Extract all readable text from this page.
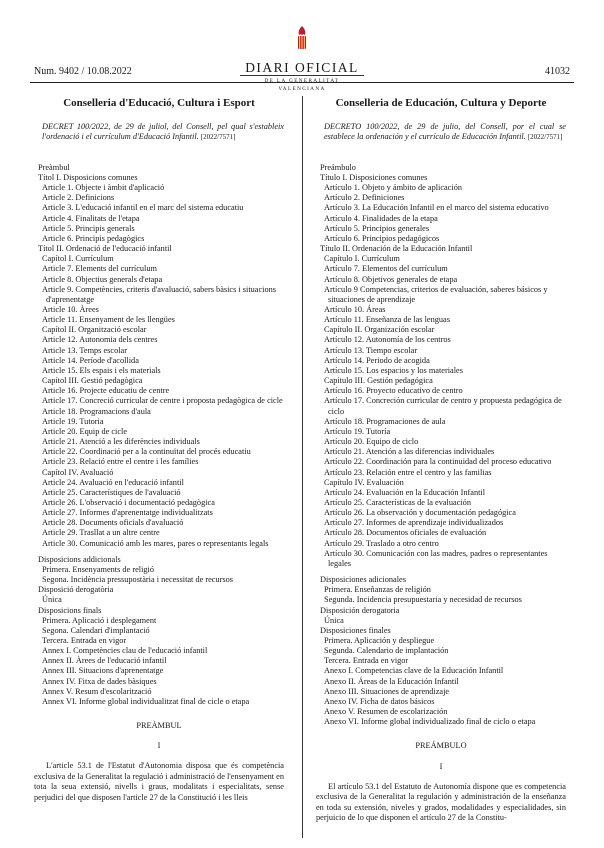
Num. 9402 / 10.08.2022	DIARI OFICIAL
DE LA GENERALITAT VALENCIANA
41032
Conselleria d'Educació, Cultura i Esport
DECRET 100/2022, de 29 de juliol, del Consell, pel qual s'estableix l'ordenació i el currículum d'Educació Infantil. [2022/7571]
Preàmbul
Títol I. Disposicions comunes
Article 1. Objecte i àmbit d'aplicació
Article 2. Definicions
Article 3. L'educació infantil en el marc del sistema educatiu
Article 4. Finalitats de l'etapa
Article 5. Principis generals
Article 6. Principis pedagògics
Títol II. Ordenació de l'educació infantil
Capítol I. Currículum
Article 7. Elements del currículum
Article 8. Objectius generals d'etapa
Article 9. Competències, criteris d'avaluació, sabers bàsics i situacions d'aprenentatge
Article 10. Àrees
Article 11. Ensenyament de les llengües
Capítol II. Organització escolar
Article 12. Autonomia dels centres
Article 13. Temps escolar
Article 14. Període d'acollida
Article 15. Els espais i els materials
Capítol III. Gestió pedagògica
Article 16. Projecte educatiu de centre
Article 17. Concreció curricular de centre i proposta pedagògica de cicle
Article 18. Programacions d'aula
Article 19. Tutoria
Article 20. Equip de cicle
Article 21. Atenció a les diferències individuals
Article 22. Coordinació per a la continuïtat del procés educatiu
Article 23. Relació entre el centre i les famílies
Capítol IV. Avaluació
Article 24. Avaluació en l'educació infantil
Article 25. Característiques de l'avaluació
Article 26. L'observació i documentació pedagògica
Article 27. Informes d'aprenentatge individualitzats
Article 28. Documents oficials d'avaluació
Article 29. Trasllat a un altre centre
Article 30. Comunicació amb les mares, pares o representants legals
Disposicions addicionals
Primera. Ensenyaments de religió
Segona. Incidència pressupostària i necessitat de recursos
Disposició derogatòria
Única
Disposicions finals
Primera. Aplicació i desplegament
Segona. Calendari d'implantació
Tercera. Entrada en vigor
Annex I. Competències clau de l'educació infantil
Annex II. Àrees de l'educació infantil
Annex III. Situacions d'aprenentatge
Annex IV. Fitxa de dades bàsiques
Annex V. Resum d'escolarització
Annex VI. Informe global individualitzat final de cicle o etapa
PREÀMBUL
I
L'article 53.1 de l'Estatut d'Autonomia disposa que és competència exclusiva de la Generalitat la regulació i administració de l'ensenyament en tota la seua extensió, nivells i graus, modalitats i especialitats, sense perjudici del que disposen l'article 27 de la Constitució i les lleis
Conselleria de Educación, Cultura y Deporte
DECRETO 100/2022, de 29 de julio, del Consell, por el cual se establece la ordenación y el currículo de Educación Infantil. [2022/7571]
Preámbulo
Título I. Disposiciones comunes
Artículo 1. Objeto y ámbito de aplicación
Artículo 2. Definiciones
Artículo 3. La Educación Infantil en el marco del sistema educativo
Artículo 4. Finalidades de la etapa
Artículo 5. Principios generales
Artículo 6. Principios pedagógicos
Título II. Ordenación de la Educación Infantil
Capítulo I. Currículum
Artículo 7. Elementos del currículum
Artículo 8. Objetivos generales de etapa
Artículo 9 Competencias, criterios de evaluación, saberes básicos y situaciones de aprendizaje
Artículo 10. Áreas
Artículo 11. Enseñanza de las lenguas
Capítulo II. Organización escolar
Artículo 12. Autonomía de los centros
Artículo 13. Tiempo escolar
Artículo 14. Periodo de acogida
Artículo 15. Los espacios y los materiales
Capítulo III. Gestión pedagógica
Artículo 16. Proyecto educativo de centro
Artículo 17. Concreción curricular de centro y propuesta pedagógica de ciclo
Artículo 18. Programaciones de aula
Artículo 19. Tutoría
Artículo 20. Equipo de ciclo
Artículo 21. Atención a las diferencias individuales
Artículo 22. Coordinación para la continuidad del proceso educativo
Artículo 23. Relación entre el centro y las familias
Capítulo IV. Evaluación
Artículo 24. Evaluación en la Educación Infantil
Artículo 25. Características de la evaluación
Artículo 26. La observación y documentación pedagógica
Artículo 27. Informes de aprendizaje individualizados
Artículo 28. Documentos oficiales de evaluación
Artículo 29. Traslado a otro centro
Artículo 30. Comunicación con las madres, padres o representantes legales
Disposiciones adicionales
Primera. Enseñanzas de religión
Segunda. Incidencia presupuestaria y necesidad de recursos
Disposición derogatoria
Única
Disposiciones finales
Primera. Aplicación y despliegue
Segunda. Calendario de implantación
Tercera. Entrada en vigor
Anexo I. Competencias clave de la Educación Infantil
Anexo II. Áreas de la Educación Infantil
Anexo III. Situaciones de aprendizaje
Anexo IV. Ficha de datos básicos
Anexo V. Resumen de escolarización
Anexo VI. Informe global individualizado final de ciclo o etapa
PREÁMBULO
I
El artículo 53.1 del Estatuto de Autonomía dispone que es competencia exclusiva de la Generalitat la regulación y administración de la enseñanza en toda su extensión, niveles y grados, modalidades y especialidades, sin perjuicio de lo que disponen el artículo 27 de la Constitu-
